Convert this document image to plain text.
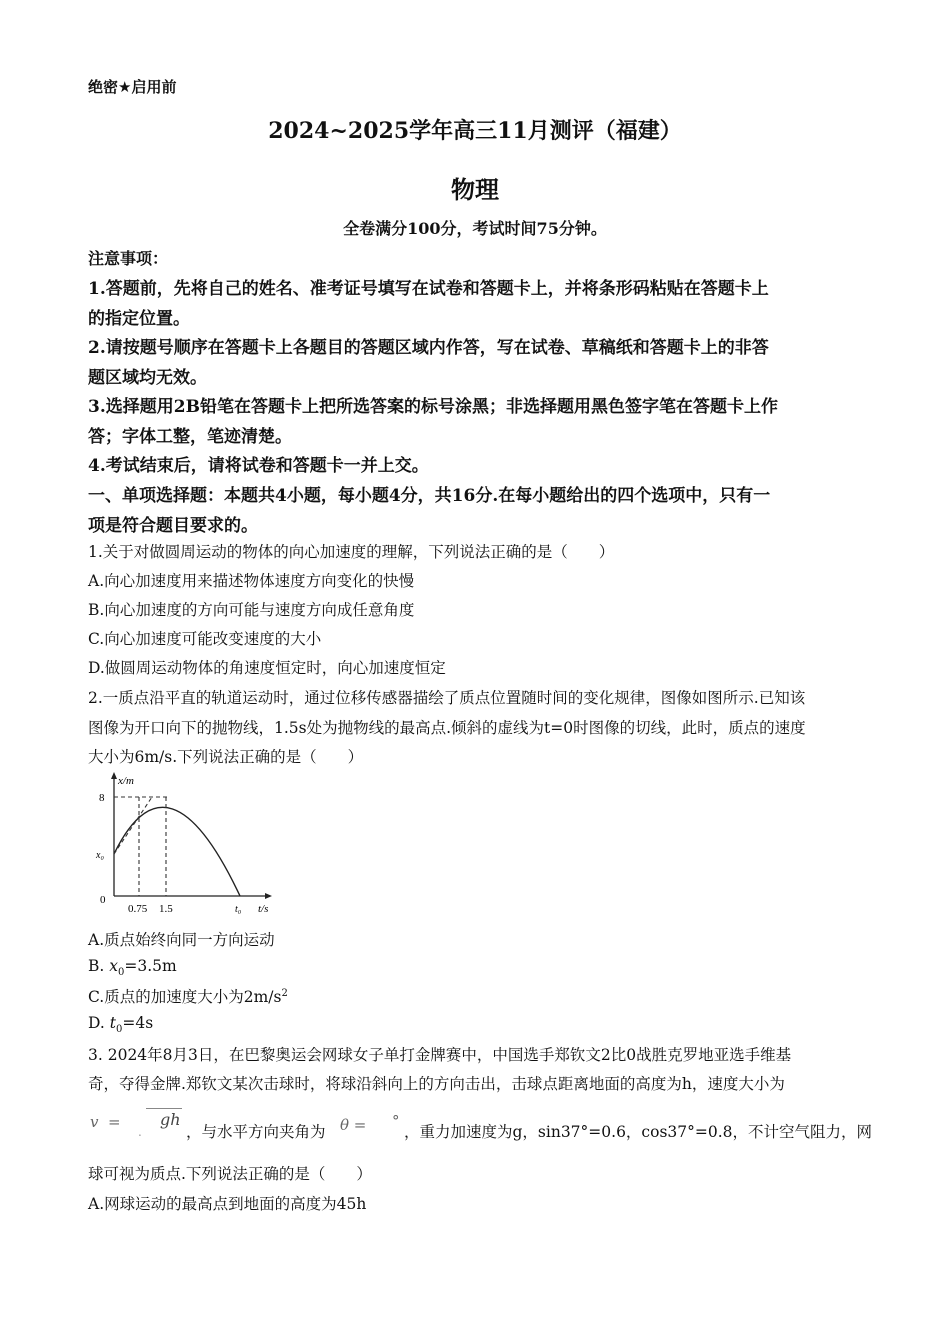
绝密★启用前
2024~2025学年高三11月测评（福建）
物理
全卷满分100分，考试时间75分钟。
注意事项：
1.答题前，先将自己的姓名、准考证号填写在试卷和答题卡上，并将条形码粘贴在答题卡上
的指定位置。
2.请按题号顺序在答题卡上各题目的答题区域内作答，写在试卷、草稿纸和答题卡上的非答
题区域均无效。
3.选择题用2B铅笔在答题卡上把所选答案的标号涂黑；非选择题用黑色签字笔在答题卡上作
答；字体工整，笔迹清楚。
4.考试结束后，请将试卷和答题卡一并上交。
一、单项选择题：本题共4小题，每小题4分，共16分.在每小题给出的四个选项中，只有一
项是符合题目要求的。
1.关于对做圆周运动的物体的向心加速度的理解，下列说法正确的是（　　）
A.向心加速度用来描述物体速度方向变化的快慢
B.向心加速度的方向可能与速度方向成任意角度
C.向心加速度可能改变速度的大小
D.做圆周运动物体的角速度恒定时，向心加速度恒定
2.一质点沿平直的轨道运动时，通过位移传感器描绘了质点位置随时间的变化规律，图像如图所示.已知该
图像为开口向下的抛物线，1.5s处为抛物线的最高点.倾斜的虚线为t=0时图像的切线，此时，质点的速度
大小为6m/s.下列说法正确的是（　　）
x/m
8
x₀
0
0.75 1.5	t₀ t/s
A.质点始终向同一方向运动
B. $x_0=3.5m$
C.质点的加速度大小为$2m/s^2$
D. $t_0=4s$
3. 2024年8月3日，在巴黎奥运会网球女子单打金牌赛中，中国选手郑钦文2比0战胜克罗地亚选手维基
奇，夺得金牌.郑钦文某次击球时，将球沿斜向上的方向击出，击球点距离地面的高度为h，速度大小为
v =
.
gh
，与水平方向夹角为 θ = °
，重力加速度为g，sin37°=0.6，cos37°=0.8，不计空气阻力，网
球可视为质点.下列说法正确的是（　　）
A.网球运动的最高点到地面的高度为45h
